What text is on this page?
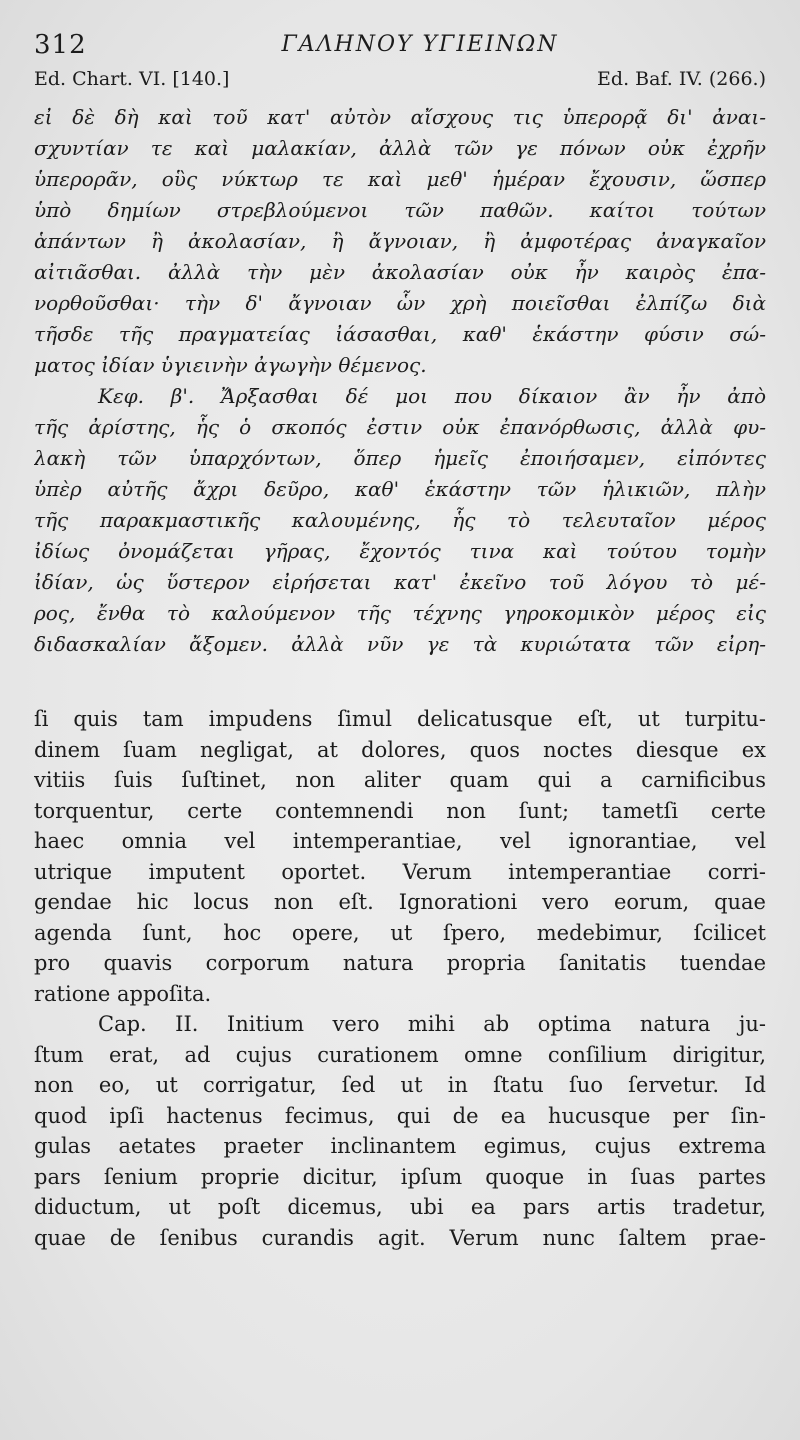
312	ΓΑΛΗΝΟΥ ΥΓΙΕΙΝΩΝ
Ed. Chart. VI. [140.]	Ed. Baf. IV. (266.)
εἰ δὲ δὴ καὶ τοῦ κατ' αὐτὸν αἴσχους τις ὑπερορᾷ δι' ἀναι-
σχυντίαν τε καὶ μαλακίαν, ἀλλὰ τῶν γε πόνων οὐκ ἐχρῆν
ὑπερορᾶν, οὓς νύκτωρ τε καὶ μεθ' ἡμέραν ἔχουσιν, ὥσπερ
ὑπὸ δημίων στρεβλούμενοι τῶν παθῶν. καίτοι τούτων
ἁπάντων ἢ ἀκολασίαν, ἢ ἄγνοιαν, ἢ ἀμφοτέρας ἀναγκαῖον
αἰτιᾶσθαι. ἀλλὰ τὴν μὲν ἀκολασίαν οὐκ ἦν καιρὸς ἐπα-
νορθοῦσθαι· τὴν δ' ἄγνοιαν ὧν χρὴ ποιεῖσθαι ἐλπίζω διὰ
τῆσδε τῆς πραγματείας ἰάσασθαι, καθ' ἑκάστην φύσιν σώ-
ματος ἰδίαν ὑγιεινὴν ἀγωγὴν θέμενος.
Κεφ. β'. Ἄρξασθαι δέ μοι που δίκαιον ἂν ἦν ἀπὸ
τῆς ἀρίστης, ἧς ὁ σκοπός ἐστιν οὐκ ἐπανόρθωσις, ἀλλὰ φυ-
λακὴ τῶν ὑπαρχόντων, ὅπερ ἡμεῖς ἐποιήσαμεν, εἰπόντες
ὑπὲρ αὐτῆς ἄχρι δεῦρο, καθ' ἑκάστην τῶν ἡλικιῶν, πλὴν
τῆς παρακμαστικῆς καλουμένης, ἧς τὸ τελευταῖον μέρος
ἰδίως ὀνομάζεται γῆρας, ἔχοντός τινα καὶ τούτου τομὴν
ἰδίαν, ὡς ὕστερον εἰρήσεται κατ' ἐκεῖνο τοῦ λόγου τὸ μέ-
ρος, ἔνθα τὸ καλούμενον τῆς τέχνης γηροκομικὸν μέρος εἰς
διδασκαλίαν ἄξομεν. ἀλλὰ νῦν γε τὰ κυριώτατα τῶν εἰρη-
ſi quis tam impudens ſimul delicatusque eſt, ut turpitu-
dinem ſuam negligat, at dolores, quos noctes diesque ex
vitiis ſuis ſuſtinet, non aliter quam qui a carnificibus
torquentur, certe contemnendi non ſunt; tametſi certe
haec omnia vel intemperantiae, vel ignorantiae, vel
utrique imputent oportet. Verum intemperantiae corri-
gendae hic locus non eſt. Ignorationi vero eorum, quae
agenda ſunt, hoc opere, ut ſpero, medebimur, ſcilicet
pro quavis corporum natura propria ſanitatis tuendae
ratione appoſita.
Cap. II. Initium vero mihi ab optima natura ju-
ſtum erat, ad cujus curationem omne conſilium dirigitur,
non eo, ut corrigatur, ſed ut in ſtatu ſuo ſervetur. Id
quod ipſi hactenus fecimus, qui de ea hucusque per ſin-
gulas aetates praeter inclinantem egimus, cujus extrema
pars ſenium proprie dicitur, ipſum quoque in ſuas partes
diductum, ut poſt dicemus, ubi ea pars artis tradetur,
quae de ſenibus curandis agit. Verum nunc ſaltem prae-
